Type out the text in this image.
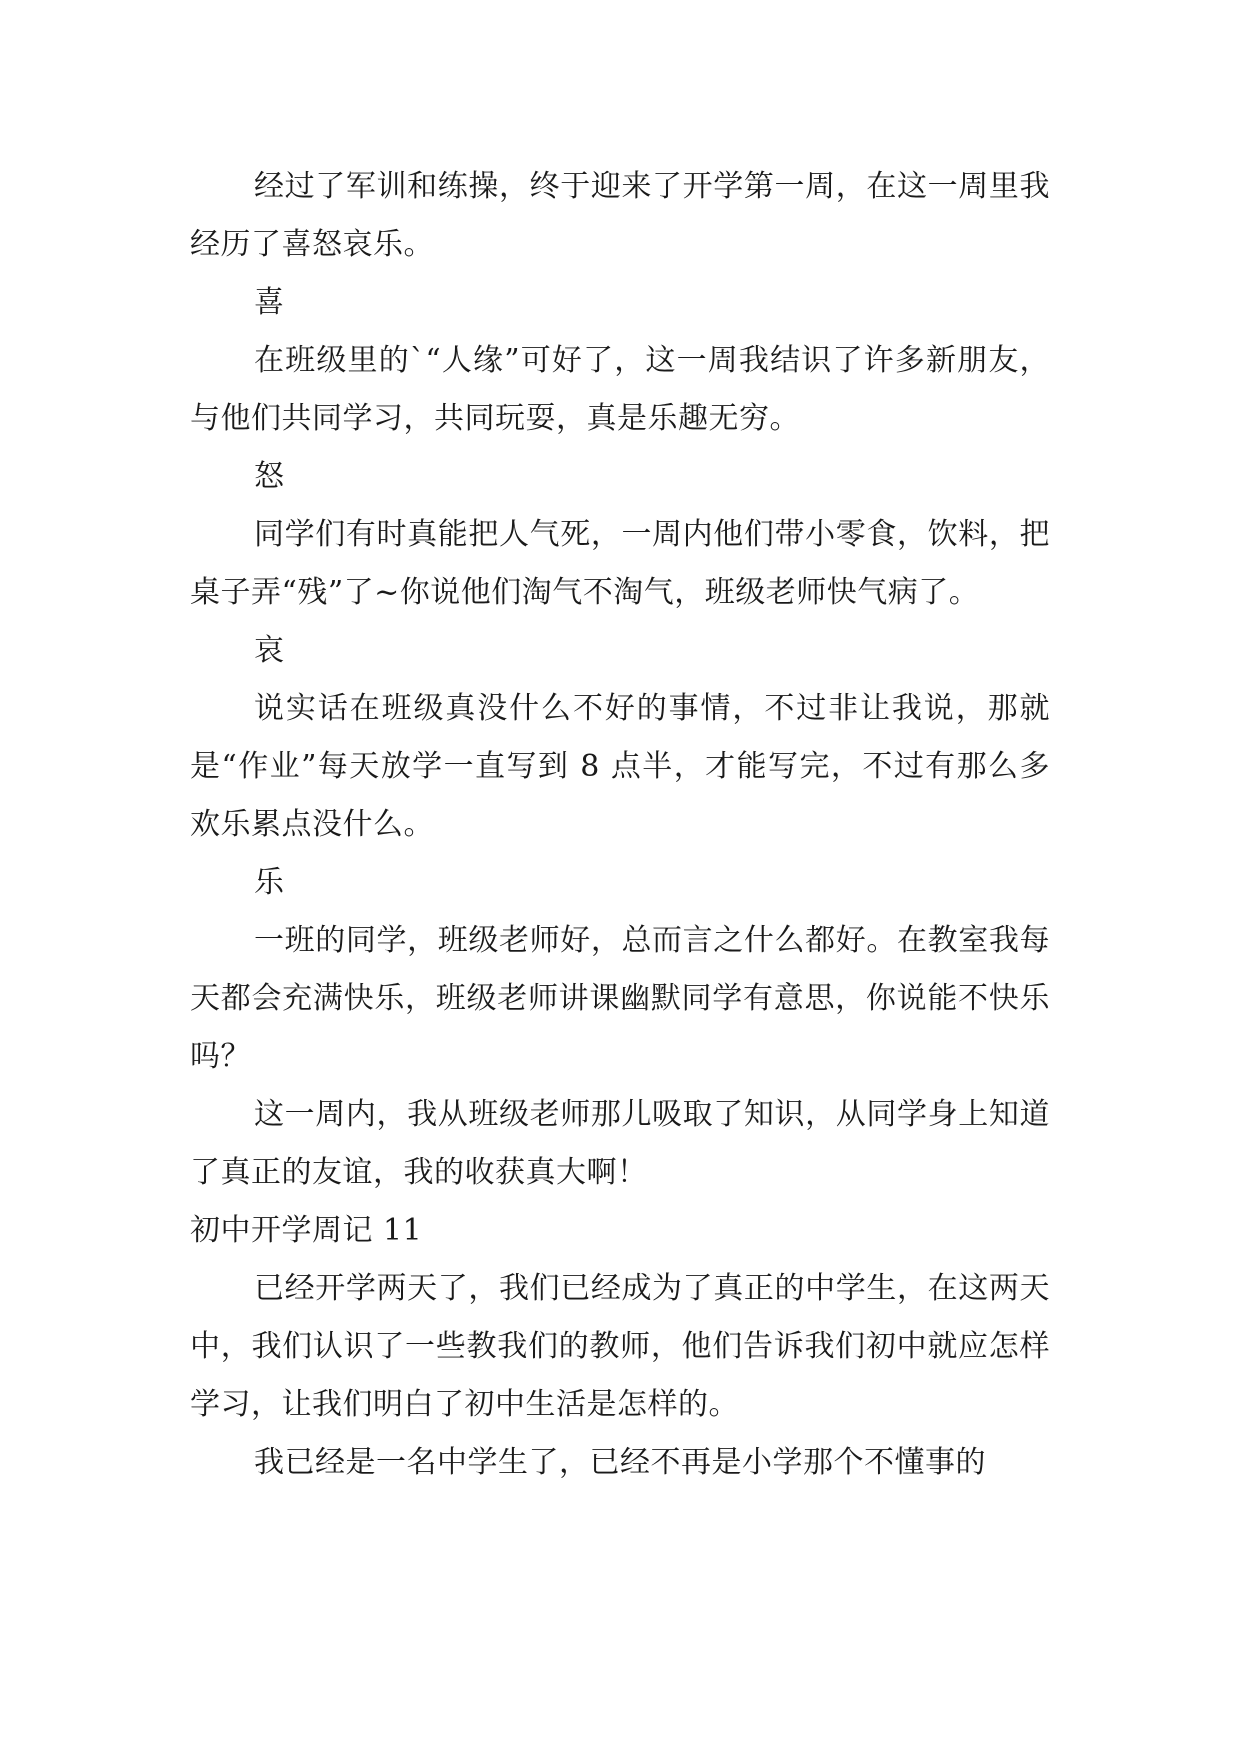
经过了军训和练操，终于迎来了开学第一周，在这一周里我经历了喜怒哀乐。

喜

在班级里的`“人缘”可好了，这一周我结识了许多新朋友，与他们共同学习，共同玩耍，真是乐趣无穷。

怒

同学们有时真能把人气死，一周内他们带小零食，饮料，把桌子弄“残”了~你说他们淘气不淘气，班级老师快气病了。

哀

说实话在班级真没什么不好的事情，不过非让我说，那就是“作业”每天放学一直写到 8 点半，才能写完，不过有那么多欢乐累点没什么。

乐

一班的同学，班级老师好，总而言之什么都好。在教室我每天都会充满快乐，班级老师讲课幽默同学有意思，你说能不快乐吗？

这一周内，我从班级老师那儿吸取了知识，从同学身上知道了真正的友谊，我的收获真大啊！

初中开学周记 11

已经开学两天了，我们已经成为了真正的中学生，在这两天中，我们认识了一些教我们的教师，他们告诉我们初中就应怎样学习，让我们明白了初中生活是怎样的。

我已经是一名中学生了，已经不再是小学那个不懂事的
